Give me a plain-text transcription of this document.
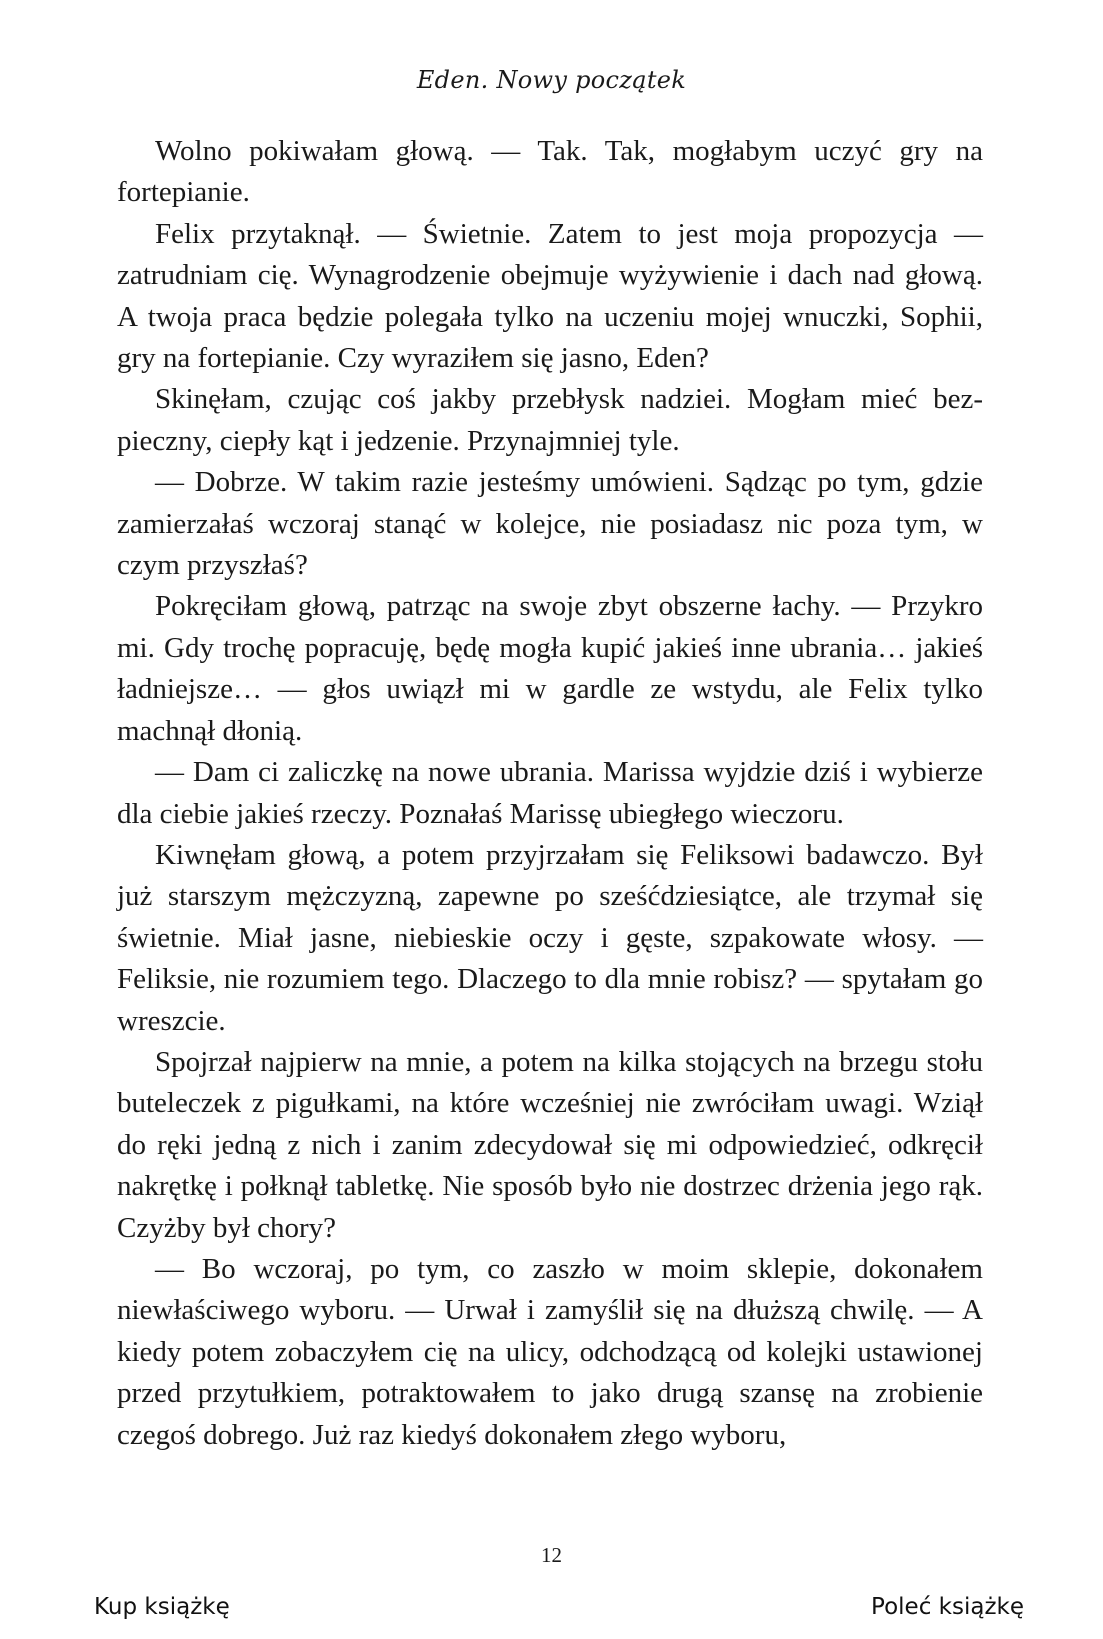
Eden. Nowy początek

Wolno pokiwałam głową. — Tak. Tak, mogłabym uczyć gry na fortepianie.

Felix przytaknął. — Świetnie. Zatem to jest moja propozycja — zatrudniam cię. Wynagrodzenie obejmuje wyżywienie i dach nad głową. A twoja praca będzie polegała tylko na uczeniu mojej wnuczki, Sophii, gry na fortepianie. Czy wyraziłem się jasno, Eden?

Skinęłam, czując coś jakby przebłysk nadziei. Mogłam mieć bezpieczny, ciepły kąt i jedzenie. Przynajmniej tyle.

— Dobrze. W takim razie jesteśmy umówieni. Sądząc po tym, gdzie zamierzałaś wczoraj stanąć w kolejce, nie posiadasz nic poza tym, w czym przyszłaś?

Pokręciłam głową, patrząc na swoje zbyt obszerne łachy. — Przykro mi. Gdy trochę popracuję, będę mogła kupić jakieś inne ubrania… jakieś ładniejsze… — głos uwiązł mi w gardle ze wstydu, ale Felix tylko machnął dłonią.

— Dam ci zaliczkę na nowe ubrania. Marissa wyjdzie dziś i wybierze dla ciebie jakieś rzeczy. Poznałaś Marissę ubiegłego wieczoru.

Kiwnęłam głową, a potem przyjrzałam się Feliksowi badawczo. Był już starszym mężczyzną, zapewne po sześćdziesiątce, ale trzymał się świetnie. Miał jasne, niebieskie oczy i gęste, szpakowate włosy. — Feliksie, nie rozumiem tego. Dlaczego to dla mnie robisz? — spytałam go wreszcie.

Spojrzał najpierw na mnie, a potem na kilka stojących na brzegu stołu buteleczek z pigułkami, na które wcześniej nie zwróciłam uwagi. Wziął do ręki jedną z nich i zanim zdecydował się mi odpowiedzieć, odkręcił nakrętkę i połknął tabletkę. Nie sposób było nie dostrzec drżenia jego rąk. Czyżby był chory?

— Bo wczoraj, po tym, co zaszło w moim sklepie, dokonałem niewłaściwego wyboru. — Urwał i zamyślił się na dłuższą chwilę. — A kiedy potem zobaczyłem cię na ulicy, odchodzącą od kolejki ustawionej przed przytułkiem, potraktowałem to jako drugą szansę na zrobienie czegoś dobrego. Już raz kiedyś dokonałem złego wyboru,

12
Kup książkę	Poleć książkę
